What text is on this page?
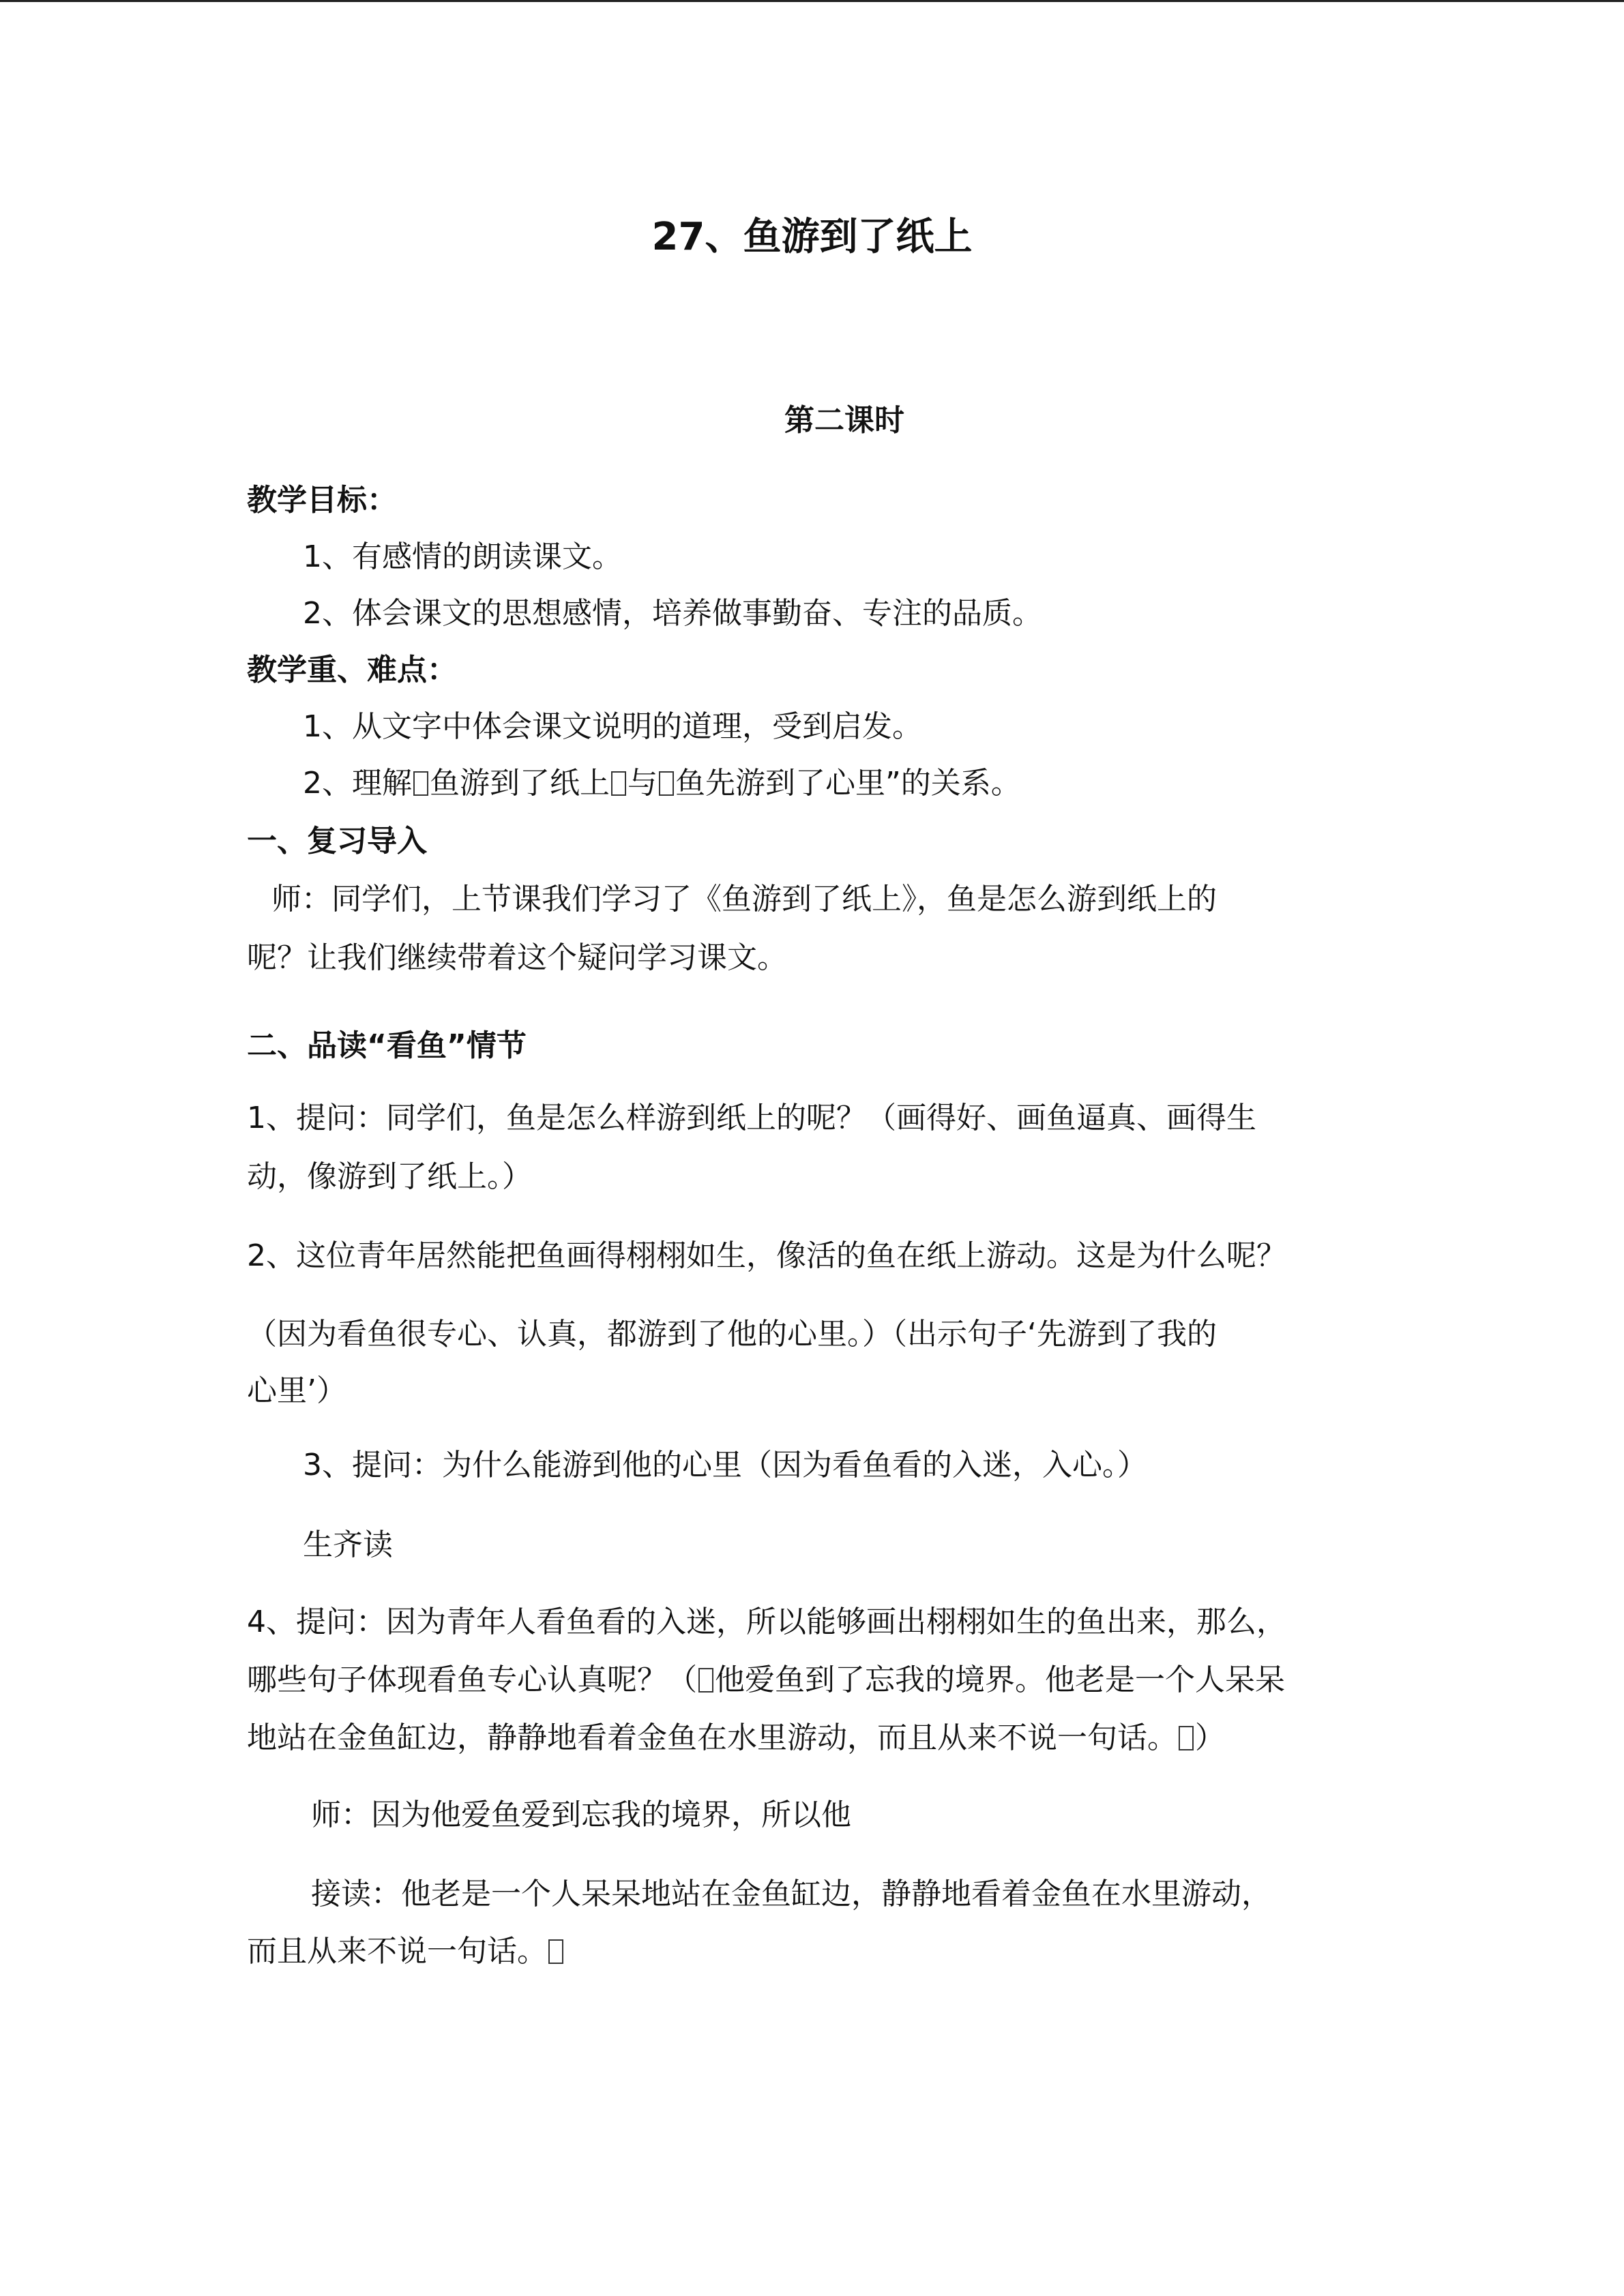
27、鱼游到了纸上
第二课时
教学目标：
1、有感情的朗读课文。
2、体会课文的思想感情，培养做事勤奋、专注的品质。
教学重、难点：
1、从文字中体会课文说明的道理，受到启发。
2、理解 鱼游到了纸上 与 鱼先游到了心里”的关系。
一、复习导入
师：同学们，上节课我们学习了《鱼游到了纸上》，鱼是怎么游到纸上的
呢？让我们继续带着这个疑问学习课文。
二、品读“看鱼”情节
1、提问：同学们，鱼是怎么样游到纸上的呢？（画得好、画鱼逼真、画得生
动，像游到了纸上。）
2、这位青年居然能把鱼画得栩栩如生，像活的鱼在纸上游动。这是为什么呢？
（因为看鱼很专心、认真，都游到了他的心里。）（出示句子‘先游到了我的
心里’）
3、提问：为什么能游到他的心里（因为看鱼看的入迷，入心。）
生齐读
4、提问：因为青年人看鱼看的入迷，所以能够画出栩栩如生的鱼出来，那么，
哪些句子体现看鱼专心认真呢？（ 他爱鱼到了忘我的境界。他老是一个人呆呆
地站在金鱼缸边，静静地看着金鱼在水里游动，而且从来不说一句话。 ）
师：因为他爱鱼爱到忘我的境界，所以他
接读：他老是一个人呆呆地站在金鱼缸边，静静地看着金鱼在水里游动，
而且从来不说一句话。
